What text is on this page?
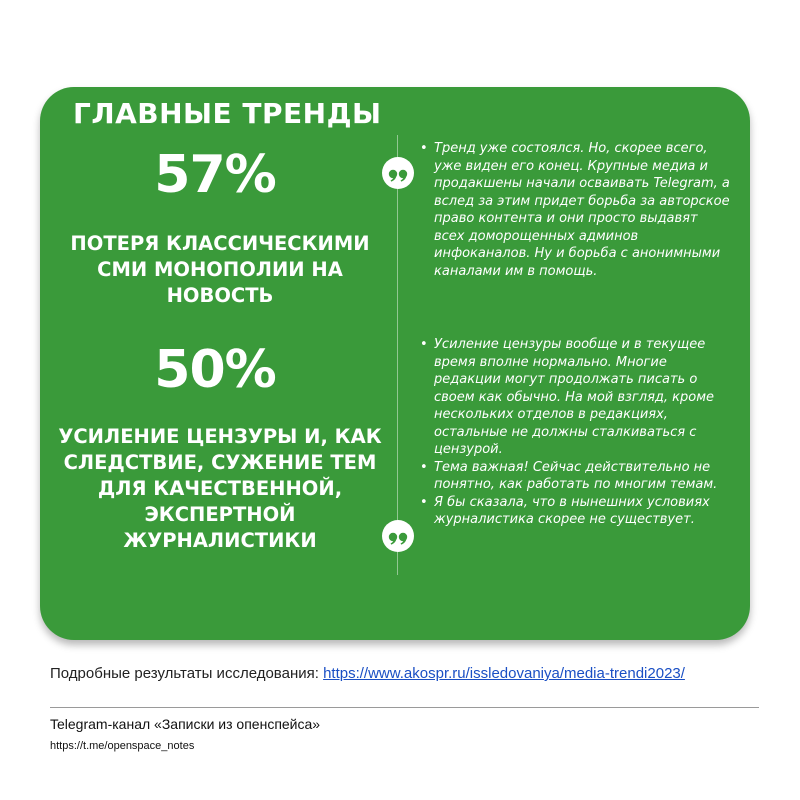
ГЛАВНЫЕ ТРЕНДЫ
57%
ПОТЕРЯ КЛАССИЧЕСКИМИ СМИ МОНОПОЛИИ НА НОВОСТЬ
50%
УСИЛЕНИЕ ЦЕНЗУРЫ И, КАК СЛЕДСТВИЕ, СУЖЕНИЕ ТЕМ ДЛЯ КАЧЕСТВЕННОЙ, ЭКСПЕРТНОЙ ЖУРНАЛИСТИКИ
• Тренд уже состоялся. Но, скорее всего, уже виден его конец. Крупные медиа и продакшены начали осваивать Telegram, а вслед за этим придет борьба за авторское право контента и они просто выдавят всех доморощенных админов инфоканалов. Ну и борьба с анонимными каналами им в помощь.
• Усиление цензуры вообще и в текущее время вполне нормально. Многие редакции могут продолжать писать о своем как обычно. На мой взгляд, кроме нескольких отделов в редакциях, остальные не должны сталкиваться с цензурой.
• Тема важная! Сейчас действительно не понятно, как работать по многим темам.
• Я бы сказала, что в нынешних условиях журналистика скорее не существует.
Подробные результаты исследования: https://www.akospr.ru/issledovaniya/media-trendi2023/
Telegram-канал «Записки из опенспейса»
https://t.me/openspace_notes
